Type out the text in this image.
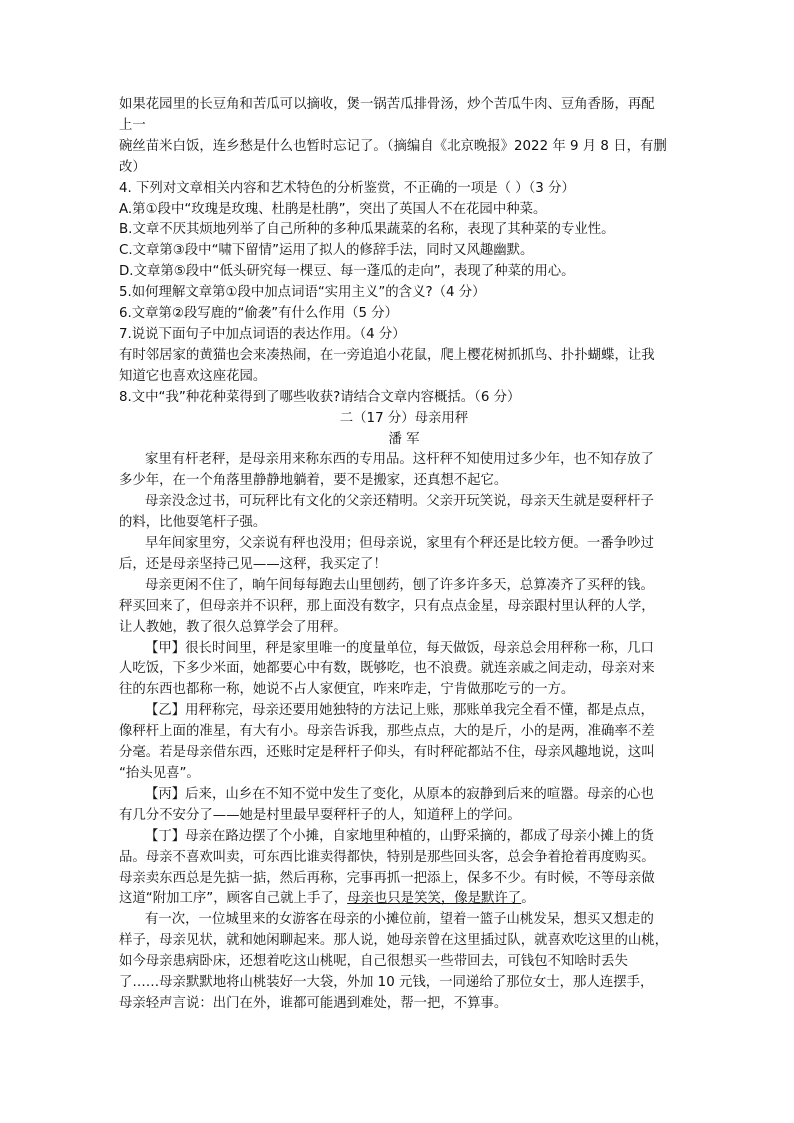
如果花园里的长豆角和苦瓜可以摘收，煲一锅苦瓜排骨汤，炒个苦瓜牛肉、豆角香肠，再配
上一
碗丝苗米白饭，连乡愁是什么也暂时忘记了。（摘编自《北京晚报》2022 年 9 月 8 日，有删
改）
4. 下列对文章相关内容和艺术特色的分析鉴赏，不正确的一项是（ ）（3 分）
A.第①段中“玫瑰是玫瑰、杜鹃是杜鹃”，突出了英国人不在花园中种菜。
B.文章不厌其烦地列举了自己所种的多种瓜果蔬菜的名称，表现了其种菜的专业性。
C.文章第③段中“啸下留情”运用了拟人的修辞手法，同时又风趣幽默。
D.文章第⑤段中“低头研究每一棵豆、每一蓬瓜的走向”，表现了种菜的用心。
5.如何理解文章第①段中加点词语“实用主义”的含义?（4 分）
6.文章第②段写鹿的“偷袭”有什么作用（5 分）
7.说说下面句子中加点词语的表达作用。（4 分）
有时邻居家的黄猫也会来凑热闹，在一旁追追小花鼠，爬上樱花树抓抓鸟、扑扑蝴蝶，让我
知道它也喜欢这座花园。
8.文中“我”种花种菜得到了哪些收获?请结合文章内容概括。（6 分）
二（17 分）母亲用秤
潘 军
家里有杆老秤，是母亲用来称东西的专用品。这杆秤不知使用过多少年，也不知存放了
多少年，在一个角落里静静地躺着，要不是搬家，还真想不起它。
母亲没念过书，可玩秤比有文化的父亲还精明。父亲开玩笑说，母亲天生就是耍秤杆子
的料，比他耍笔杆子强。
早年间家里穷，父亲说有秤也没用；但母亲说，家里有个秤还是比较方便。一番争吵过
后，还是母亲坚持己见——这秤，我买定了！
母亲更闲不住了，晌午间每每跑去山里刨药，刨了许多许多天，总算凑齐了买秤的钱。
秤买回来了，但母亲并不识秤，那上面没有数字，只有点点金星，母亲跟村里认秤的人学，
让人教她，教了很久总算学会了用秤。
【甲】很长时间里，秤是家里唯一的度量单位，每天做饭，母亲总会用秤称一称，几口
人吃饭，下多少米面，她都要心中有数，既够吃，也不浪费。就连亲戚之间走动，母亲对来
往的东西也都称一称，她说不占人家便宜，咋来咋走，宁肯做那吃亏的一方。
【乙】用秤称完，母亲还要用她独特的方法记上账，那账单我完全看不懂，都是点点，
像秤杆上面的准星，有大有小。母亲告诉我，那些点点，大的是斤，小的是两，准确率不差
分毫。若是母亲借东西，还账时定是秤杆子仰头，有时秤砣都站不住，母亲风趣地说，这叫
“抬头见喜”。
【丙】后来，山乡在不知不觉中发生了变化，从原本的寂静到后来的喧嚣。母亲的心也
有几分不安分了——她是村里最早耍秤杆子的人，知道秤上的学问。
【丁】母亲在路边摆了个小摊，自家地里种植的，山野采摘的，都成了母亲小摊上的货
品。母亲不喜欢叫卖，可东西比谁卖得都快，特别是那些回头客，总会争着抢着再度购买。
母亲卖东西总是先掂一掂，然后再称，完事再抓一把添上，保多不少。有时候，不等母亲做
这道“附加工序”，顾客自己就上手了，母亲也只是笑笑，像是默许了。
有一次，一位城里来的女游客在母亲的小摊位前，望着一篮子山桃发呆，想买又想走的
样子，母亲见状，就和她闲聊起来。那人说，她母亲曾在这里插过队，就喜欢吃这里的山桃，
如今母亲患病卧床，还想着吃这山桃呢，自己很想买一些带回去，可钱包不知啥时丢失
了……母亲默默地将山桃装好一大袋，外加 10 元钱，一同递给了那位女士，那人连摆手，
母亲轻声言说：出门在外，谁都可能遇到难处，帮一把，不算事。
